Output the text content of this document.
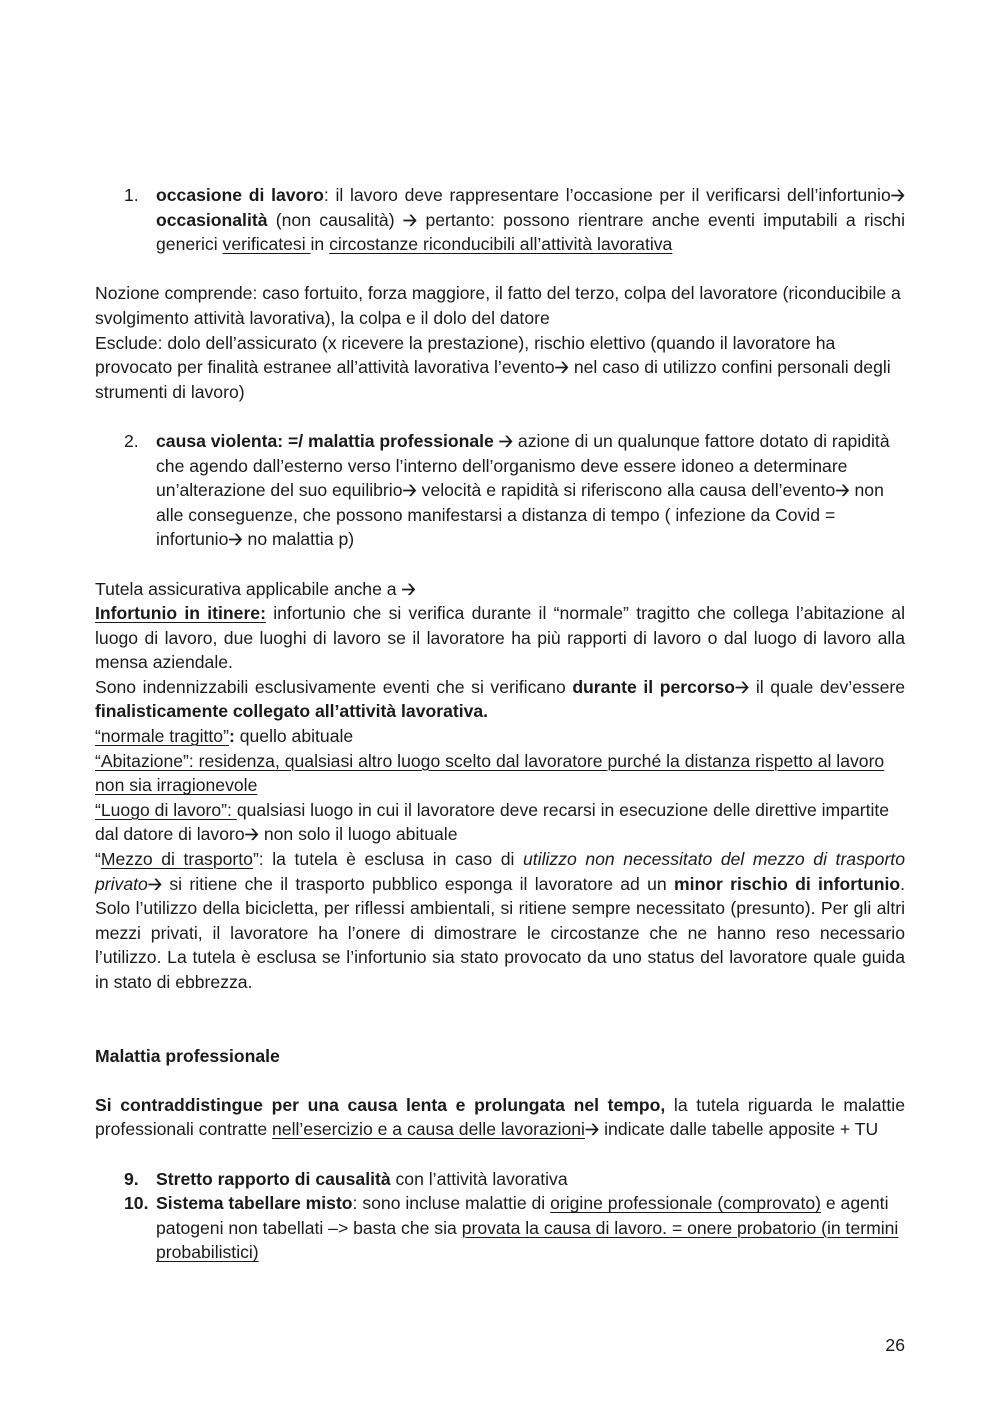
1. occasione di lavoro: il lavoro deve rappresentare l’occasione per il verificarsi dell’infortunio🡢 occasionalità (non causalità) 🡢 pertanto: possono rientrare anche eventi imputabili a rischi generici verificatesi in circostanze riconducibili all’attività lavorativa

Nozione comprende: caso fortuito, forza maggiore, il fatto del terzo, colpa del lavoratore (riconducibile a svolgimento attività lavorativa), la colpa e il dolo del datore

Esclude: dolo dell’assicurato (x ricevere la prestazione), rischio elettivo (quando il lavoratore ha provocato per finalità estranee all’attività lavorativa l’evento🡢 nel caso di utilizzo confini personali degli strumenti di lavoro)

2. causa violenta: =/ malattia professionale 🡢 azione di un qualunque fattore dotato di rapidità che agendo dall’esterno verso l’interno dell’organismo deve essere idoneo a determinare un’alterazione del suo equilibrio🡢 velocità e rapidità si riferiscono alla causa dell’evento🡢 non alle conseguenze, che possono manifestarsi a distanza di tempo ( infezione da Covid = infortunio🡢 no malattia p)

Tutela assicurativa applicabile anche a 🡢

Infortunio in itinere: infortunio che si verifica durante il “normale” tragitto che collega l’abitazione al luogo di lavoro, due luoghi di lavoro se il lavoratore ha più rapporti di lavoro o dal luogo di lavoro alla mensa aziendale.

Sono indennizzabili esclusivamente eventi che si verificano durante il percorso🡢 il quale dev’essere finalisticamente collegato all’attività lavorativa.

“normale tragitto”: quello abituale

“Abitazione”: residenza, qualsiasi altro luogo scelto dal lavoratore purché la distanza rispetto al lavoro non sia irragionevole

“Luogo di lavoro”: qualsiasi luogo in cui il lavoratore deve recarsi in esecuzione delle direttive impartite dal datore di lavoro🡢 non solo il luogo abituale

“Mezzo di trasporto”: la tutela è esclusa in caso di utilizzo non necessitato del mezzo di trasporto privato🡢 si ritiene che il trasporto pubblico esponga il lavoratore ad un minor rischio di infortunio. Solo l’utilizzo della bicicletta, per riflessi ambientali, si ritiene sempre necessitato (presunto). Per gli altri mezzi privati, il lavoratore ha l’onere di dimostrare le circostanze che ne hanno reso necessario l’utilizzo. La tutela è esclusa se l’infortunio sia stato provocato da uno status del lavoratore quale guida in stato di ebbrezza.

Malattia professionale

Si contraddistingue per una causa lenta e prolungata nel tempo, la tutela riguarda le malattie professionali contratte nell’esercizio e a causa delle lavorazioni🡢 indicate dalle tabelle apposite + TU

9. Stretto rapporto di causalità con l’attività lavorativa

10. Sistema tabellare misto: sono incluse malattie di origine professionale (comprovato) e agenti patogeni non tabellati –> basta che sia provata la causa di lavoro. = onere probatorio (in termini probabilistici)

26
